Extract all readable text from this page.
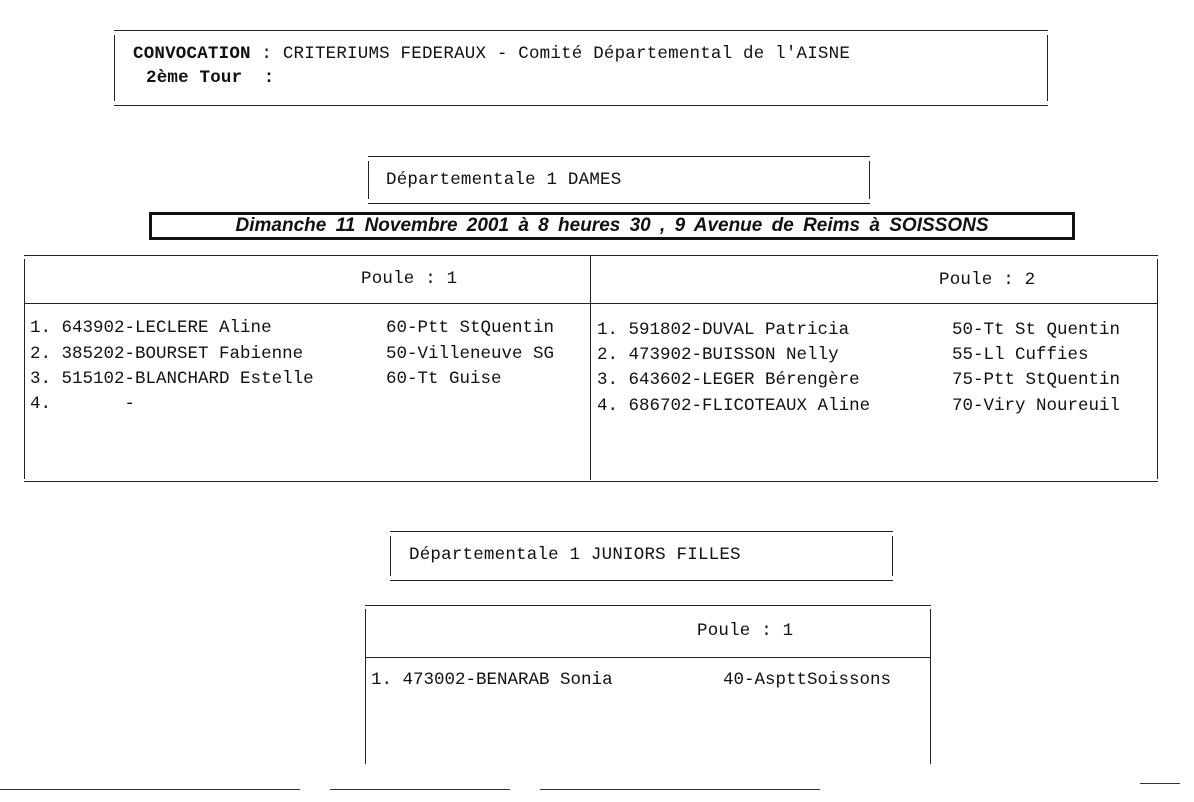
CONVOCATION : CRITERIUMS FEDERAUX - Comité Départemental de l'AISNE
2ème Tour  :
Départementale 1 DAMES
Dimanche 11 Novembre 2001 à 8 heures 30 , 9 Avenue de Reims à SOISSONS
Poule : 1	Poule : 2
1. 643902-LECLERE Aline	60-Ptt StQuentin
2. 385202-BOURSET Fabienne	50-Villeneuve SG
3. 515102-BLANCHARD Estelle	60-Tt Guise
4.       -
1. 591802-DUVAL Patricia	50-Tt St Quentin
2. 473902-BUISSON Nelly	55-Ll Cuffies
3. 643602-LEGER Bérengère	75-Ptt StQuentin
4. 686702-FLICOTEAUX Aline	70-Viry Noureuil
Départementale 1 JUNIORS FILLES
Poule : 1
1. 473002-BENARAB Sonia	40-AspttSoissons
